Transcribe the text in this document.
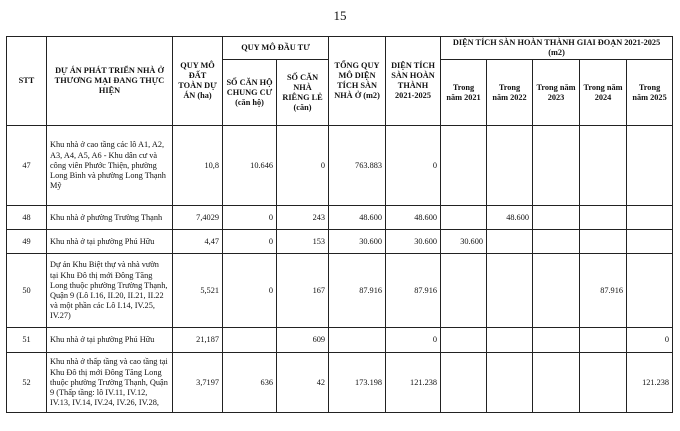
15
STT	DỰ ÁN PHÁT TRIỂN NHÀ Ở THƯƠNG MẠI ĐANG THỰC HIỆN	QUY MÔ ĐẤT TOÀN DỰ ÁN (ha)	QUY MÔ ĐẦU TƯ		TỔNG QUY MÔ DIỆN TÍCH SÀN NHÀ Ở (m2)	DIỆN TÍCH SÀN HOÀN THÀNH 2021-2025	DIỆN TÍCH SÀN HOÀN THÀNH GIAI ĐOẠN 2021-2025 (m2)				
			SỐ CĂN HỘ CHUNG CƯ (căn hộ)	SỐ CĂN NHÀ RIÊNG LẺ (căn)			Trong năm 2021	Trong năm 2022	Trong năm 2023	Trong năm 2024	Trong năm 2025
47	Khu nhà ở cao tầng các lô A1, A2, A3, A4, A5, A6 - Khu dân cư và công viên Phước Thiện, phường Long Bình và phường Long Thạnh Mỹ	10,8	10.646	0	763.883	0					
48	Khu nhà ở phường Trường Thạnh	7,4029	0	243	48.600	48.600		48.600			
49	Khu nhà ở tại phường Phú Hữu	4,47	0	153	30.600	30.600	30.600				
50	Dự án Khu Biệt thự và nhà vườn tại Khu Đô thị mới Đông Tăng Long thuộc phường Trường Thạnh, Quận 9 (Lô I.16, II.20, II.21, II.22 và một phần các Lô I.14, IV.25, IV.27)	5,521	0	167	87.916	87.916				87.916	
51	Khu nhà ở tại phường Phú Hữu	21,187		609		0					0
52	Khu nhà ở thấp tầng và cao tầng tại Khu Đô thị mới Đông Tăng Long thuộc phường Trường Thạnh, Quận 9 (Thấp tầng: lô IV.11, IV.12, IV.13, IV.14, IV.24, IV.26, IV.28,	3,7197	636	42	173.198	121.238					121.238
